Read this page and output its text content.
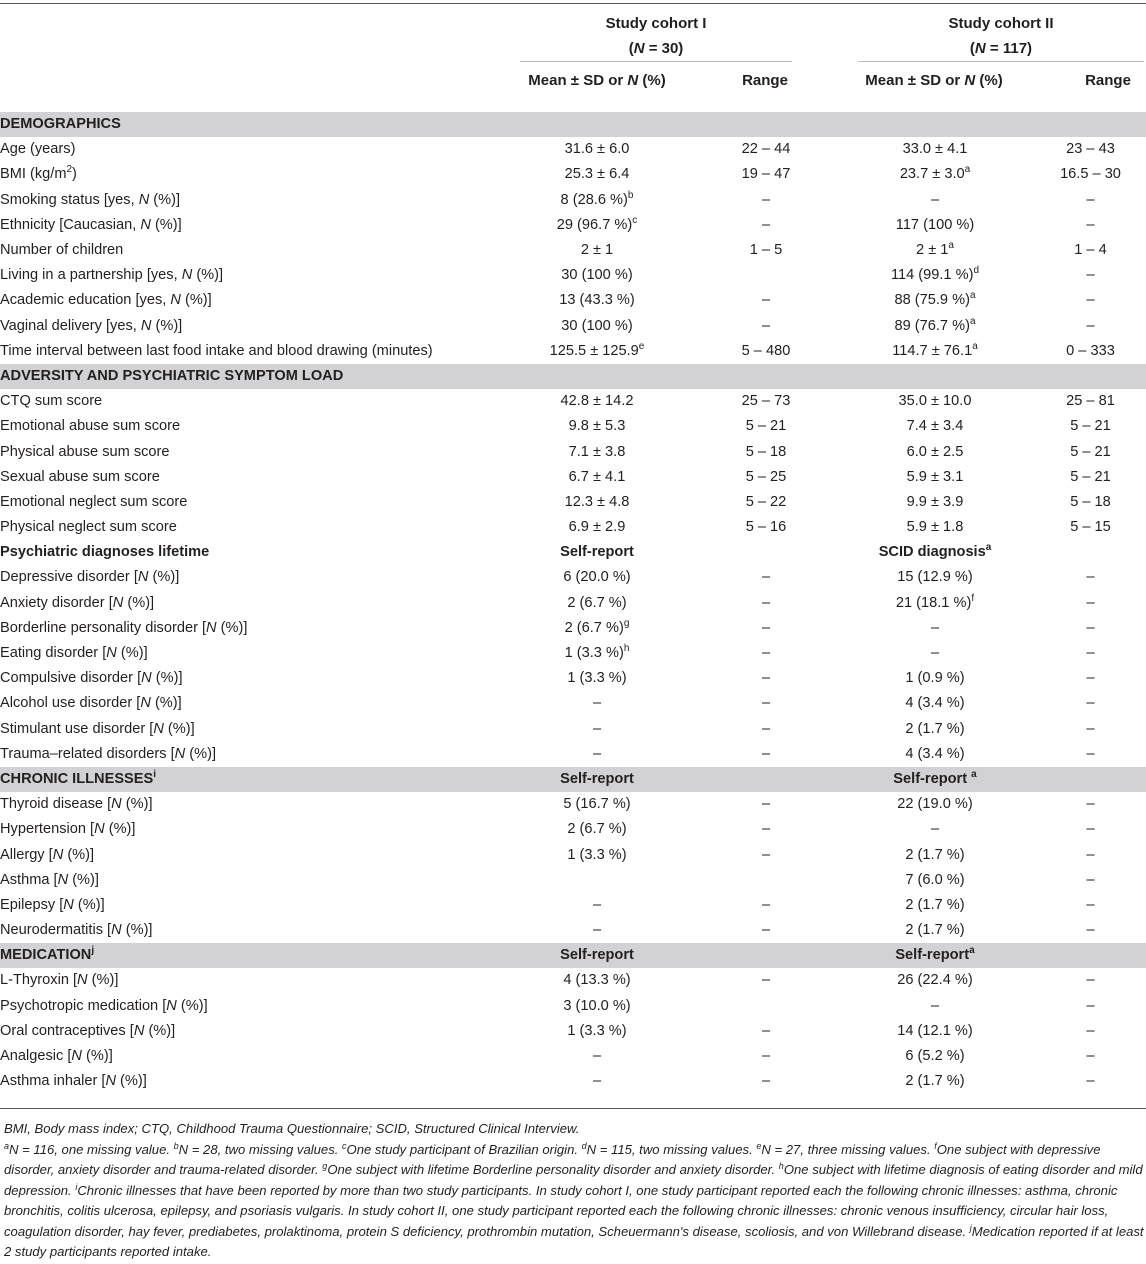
Study cohort I
(N = 30)
Study cohort II
(N = 117)
Mean ± SD or N (%)	Range	Mean ± SD or N (%)	Range
DEMOGRAPHICS				
Age (years)	31.6 ± 6.0	22 – 44	33.0 ± 4.1	23 – 43
BMI $(kg/m^2)$	25.3 ± 6.4	19 – 47	23.7 ± 3.0$^a$	16.5 – 30
Smoking status [yes, N (%)]	8 (28.6 %)$^b$	–	–	–
Ethnicity [Caucasian, N (%)]	29 (96.7 %)$^c$	–	117 (100 %)	–
Number of children	2 ± 1	1 – 5	$2 \pm 1^a$	1 – 4
Living in a partnership [yes, N (%)]	30 (100 %)		114 (99.1 %)$^d$	–
Academic education [yes, N (%)]	13 (43.3 %)	–	88 (75.9 %)$^a$	–
Vaginal delivery [yes, N (%)]	30 (100 %)	–	89 (76.7 %)$^a$	–
Time interval between last food intake and blood drawing (minutes)	125.5 ± 125.9$^e$	5 – 480	114.7 ± 76.1$^a$	0 – 333
ADVERSITY AND PSYCHIATRIC SYMPTOM LOAD				
CTQ sum score	42.8 ± 14.2	25 – 73	35.0 ± 10.0	25 – 81
Emotional abuse sum score	9.8 ± 5.3	5 – 21	7.4 ± 3.4	5 – 21
Physical abuse sum score	7.1 ± 3.8	5 – 18	6.0 ± 2.5	5 – 21
Sexual abuse sum score	6.7 ± 4.1	5 – 25	5.9 ± 3.1	5 – 21
Emotional neglect sum score	12.3 ± 4.8	5 – 22	9.9 ± 3.9	5 – 18
Physical neglect sum score	6.9 ± 2.9	5 – 16	5.9 ± 1.8	5 – 15
Psychiatric diagnoses lifetime	Self-report		SCID diagnosis$^a$	
Depressive disorder [N (%)]	6 (20.0 %)	–	15 (12.9 %)	–
Anxiety disorder [N (%)]	2 (6.7 %)	–	21 (18.1 %)$^f$	–
Borderline personality disorder [N (%)]	2 (6.7 %)$^g$	–	–	–
Eating disorder [N (%)]	1 (3.3 %)$^h$	–	–	–
Compulsive disorder [N (%)]	1 (3.3 %)	–	1 (0.9 %)	–
Alcohol use disorder [N (%)]	–	–	4 (3.4 %)	–
Stimulant use disorder [N (%)]	–	–	2 (1.7 %)	–
Trauma–related disorders [N (%)]	–	–	4 (3.4 %)	–
CHRONIC ILLNESSES$^i$	Self-report		Self-report $^a$	
Thyroid disease [N (%)]	5 (16.7 %)	–	22 (19.0 %)	–
Hypertension [N (%)]	2 (6.7 %)	–	–	–
Allergy [N (%)]	1 (3.3 %)	–	2 (1.7 %)	–
Asthma [N (%)]			7 (6.0 %)	–
Epilepsy [N (%)]	–	–	2 (1.7 %)	–
Neurodermatitis [N (%)]	–	–	2 (1.7 %)	–
MEDICATION$^j$	Self-report		Self-report$^a$	
L-Thyroxin [N (%)]	4 (13.3 %)	–	26 (22.4 %)	–
Psychotropic medication [N (%)]	3 (10.0 %)		–	–
Oral contraceptives [N (%)]	1 (3.3 %)	–	14 (12.1 %)	–
Analgesic [N (%)]	–	–	6 (5.2 %)	–
Asthma inhaler [N (%)]	–	–	2 (1.7 %)	–

BMI, Body mass index; CTQ, Childhood Trauma Questionnaire; SCID, Structured Clinical Interview.

$^a$N = 116, one missing value. $^b$N = 28, two missing values. $^c$One study participant of Brazilian origin. $^d$N = 115, two missing values. $^e$N = 27, three missing values. $^f$One subject with depressive disorder, anxiety disorder and trauma-related disorder. $^g$One subject with lifetime Borderline personality disorder and anxiety disorder. $^h$One subject with lifetime diagnosis of eating disorder and mild depression. $^i$Chronic illnesses that have been reported by more than two study participants. In study cohort I, one study participant reported each the following chronic illnesses: asthma, chronic bronchitis, colitis ulcerosa, epilepsy, and psoriasis vulgaris. In study cohort II, one study participant reported each the following chronic illnesses: chronic venous insufficiency, circular hair loss, coagulation disorder, hay fever, prediabetes, prolaktinoma, protein S deficiency, prothrombin mutation, Scheuermann's disease, scoliosis, and von Willebrand disease. $^j$Medication reported if at least 2 study participants reported intake.
